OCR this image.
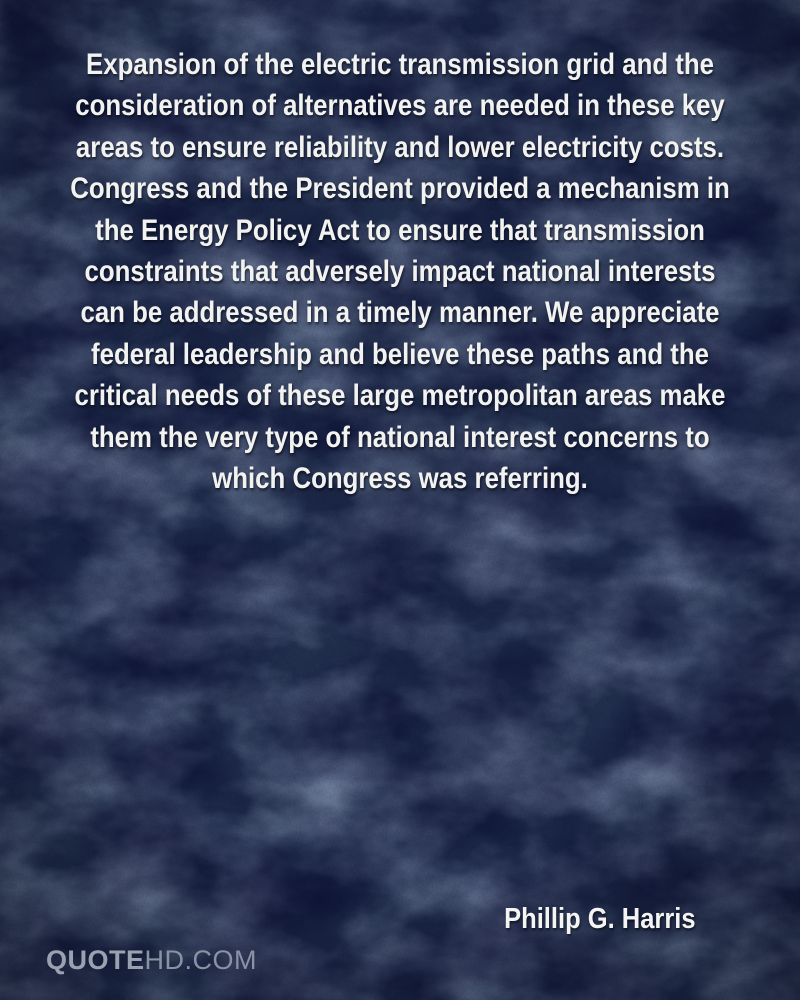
Expansion of the electric transmission grid and the

consideration of alternatives are needed in these key

areas to ensure reliability and lower electricity costs.

Congress and the President provided a mechanism in

the Energy Policy Act to ensure that transmission

constraints that adversely impact national interests

can be addressed in a timely manner. We appreciate

federal leadership and believe these paths and the

critical needs of these large metropolitan areas make

them the very type of national interest concerns to

which Congress was referring.

Phillip G. Harris
QUOTEHD.COM
